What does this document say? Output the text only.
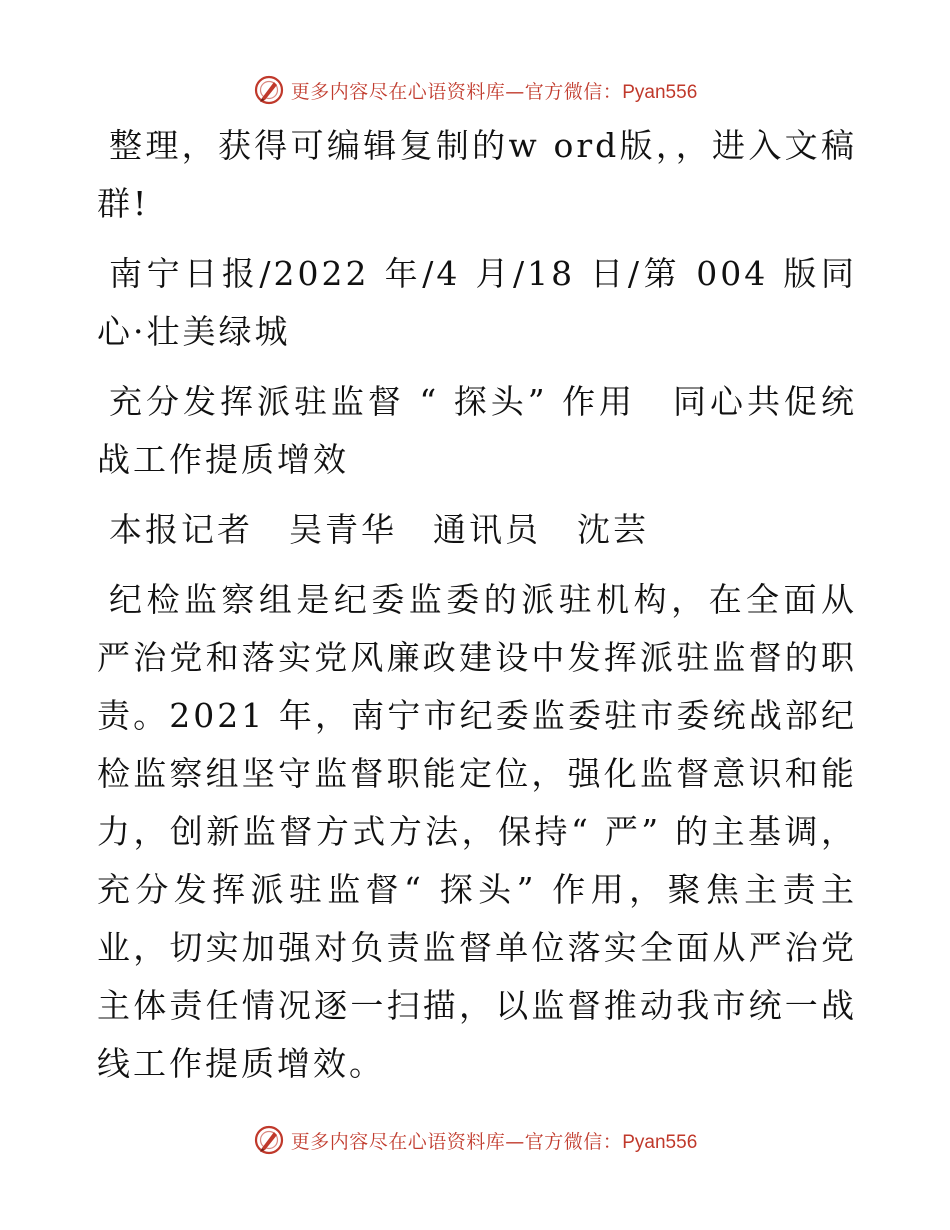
更多内容尽在心语资料库—官方微信：Pyan556

整理，获得可编辑复制的w ord版，，进入文稿群!

南宁日报/2022 年/4 月/18 日/第 004 版同心·壮美绿城

充分发挥派驻监督 “ 探头” 作用　同心共促统战工作提质增效

本报记者　吴青华　通讯员　沈芸

纪检监察组是纪委监委的派驻机构，在全面从严治党和落实党风廉政建设中发挥派驻监督的职责。2021 年，南宁市纪委监委驻市委统战部纪检监察组坚守监督职能定位，强化监督意识和能力，创新监督方式方法，保持“ 严” 的主基调，充分发挥派驻监督“ 探头” 作用，聚焦主责主业，切实加强对负责监督单位落实全面从严治党主体责任情况逐一扫描，以监督推动我市统一战线工作提质增效。

更多内容尽在心语资料库—官方微信：Pyan556
